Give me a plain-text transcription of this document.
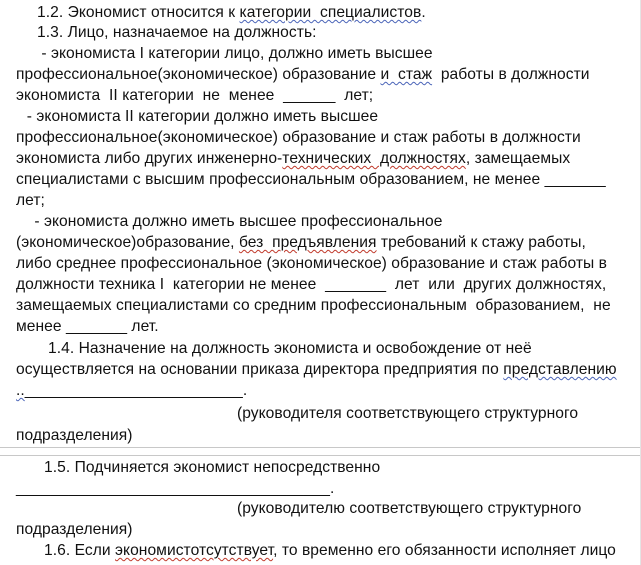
1.2. Экономист относится к категории  специалистов.
1.3. Лицо, назначаемое на должность:
- экономиста I категории лицо, должно иметь высшее
профессиональное(экономическое) образование и  стаж  работы в должности
экономиста  II категории  не  менее  ______  лет;
- экономиста II категории должно иметь высшее
профессиональное(экономическое) образование и стаж работы в должности
экономиста либо других инженерно-технических  должностях, замещаемых
специалистами с высшим профессиональным образованием, не менее _______
лет;
- экономиста должно иметь высшее профессиональное
(экономическое)образование, без  предъявления требований к стажу работы,
либо среднее профессиональное (экономическое) образование и стаж работы в
должности техника I  категории не менее  _______  лет  или  других должностях,
замещаемых специалистами со средним профессиональным  образованием,  не
менее _______ лет.
1.4. Назначение на должность экономиста и освобождение от неё
осуществляется на основании приказа директора предприятия по представлению
.._________________________.
(руководителя соответствующего структурного
подразделения)
1.5. Подчиняется экономист непосредственно
____________________________________.
(руководителю соответствующего структурного
подразделения)
1.6. Если экономистотсутствует, то временно его обязанности исполняет лицо
